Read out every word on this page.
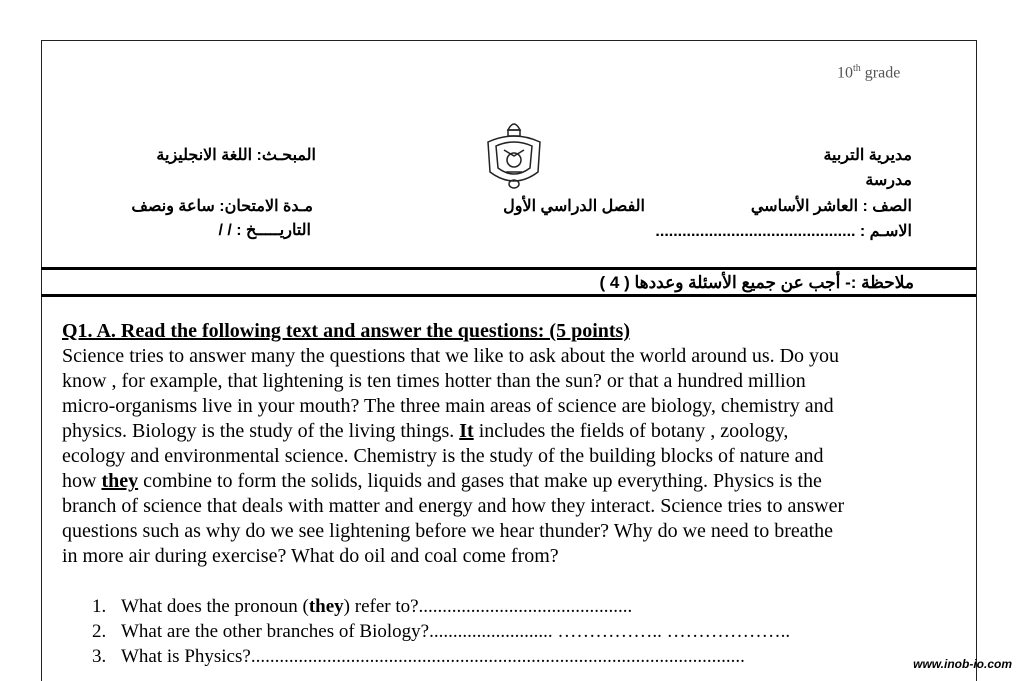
10th grade
مديرية التربية
مدرسة
الصف : العاشر الأساسي
الاسـم : .............................................
الفصل الدراسي الأول
المبحـث: اللغة الانجليزية
مـدة الامتحان: ساعة ونصف
التاريـــــخ : / /
ملاحظة :- أجب عن جميع الأسئلة وعددها ( 4 )
Q1. A. Read the following text and answer the questions: (5 points)
Science tries to answer many the questions that we like to ask about the world around us. Do you
know , for example, that lightening is ten times hotter than the sun? or that a hundred million
micro-organisms live in your mouth? The three main areas of science are biology, chemistry and
physics. Biology is the study of the living things. It includes the fields of botany , zoology,
ecology and environmental science. Chemistry is the study of the building blocks of nature and
how they combine to form the solids, liquids and gases that make up everything. Physics is the
branch of science that deals with matter and energy and how they interact. Science tries to answer
questions such as why do we see lightening before we hear thunder? Why do we need to breathe
in more air during exercise? What do oil and coal come from?
1. What does the pronoun (they) refer to?.............................................
2. What are the other branches of Biology?.......................... …………….. ………………..
3. What is Physics?........................................................................................................	www.inob-io.com
